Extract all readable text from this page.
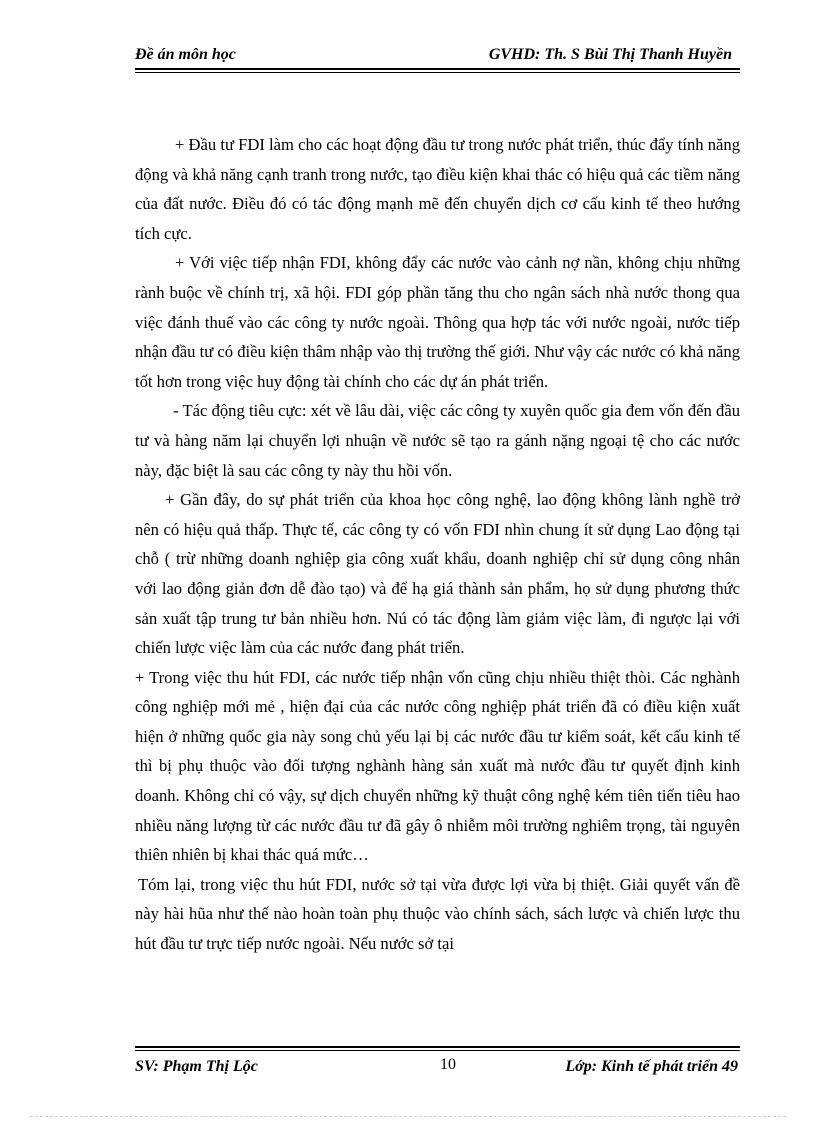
Đề án môn học	GVHD: Th. S Bùi Thị Thanh Huyền

+ Đầu tư FDI làm cho các hoạt động đầu tư trong nước phát triển, thúc đẩy tính năng động và khả năng cạnh tranh trong nước, tạo điều kiện khai thác có hiệu quả các tiềm năng của đất nước. Điều đó có tác động mạnh mẽ đến chuyển dịch cơ cấu kinh tế theo hướng tích cực.

+ Với việc tiếp nhận FDI, không đẩy các nước vào cảnh nợ nần, không chịu những rành buộc về chính trị, xã hội. FDI góp phần tăng thu cho ngân sách nhà nước thong qua việc đánh thuế vào các công ty nước ngoài. Thông qua hợp tác với nước ngoài, nước tiếp nhận đầu tư có điều kiện thâm nhập vào thị trường thế giới. Như vậy các nước có khả năng tốt hơn trong việc huy động tài chính cho các dự án phát triển.

- Tác động tiêu cực: xét về lâu dài, việc các công ty xuyên quốc gia đem vốn đến đầu tư và hàng năm lại chuyển lợi nhuận về nước sẽ tạo ra gánh nặng ngoại tệ cho các nước này, đặc biệt là sau các công ty này thu hồi vốn.

+ Gần đây, do sự phát triển của khoa học công nghệ, lao động không lành nghề trở nên có hiệu quả thấp. Thực tế, các công ty có vốn FDI nhìn chung ít sử dụng Lao động tại chỗ ( trừ những doanh nghiệp gia công xuất khẩu, doanh nghiệp chỉ sử dụng công nhân với lao động giản đơn dễ đào tạo) và để hạ giá thành sản phẩm, họ sử dụng phương thức sản xuất tập trung tư bản nhiều hơn. Nú có tác động làm giảm việc làm, đi ngược lại với chiến lược việc làm của các nước đang phát triển.

+ Trong việc thu hút FDI, các nước tiếp nhận vốn cũng chịu nhiều thiệt thòi. Các nghành công nghiệp mới mẻ , hiện đại của các nước công nghiệp phát triển đã có điều kiện xuất hiện ở những quốc gia này song chủ yếu lại bị các nước đầu tư kiểm soát, kết cấu kinh tế thì bị phụ thuộc vào đối tượng nghành hàng sản xuất mà nước đầu tư quyết định kinh doanh. Không chỉ có vậy, sự dịch chuyển những kỹ thuật công nghệ kém tiên tiến tiêu hao nhiều năng lượng từ các nước đầu tư đã gây ô nhiễm môi trường nghiêm trọng, tài nguyên thiên nhiên bị khai thác quá mức…

Tóm lại, trong việc thu hút FDI, nước sở tại vừa được lợi vừa bị thiệt. Giải quyết vấn đề này hài hũa như thế nào hoàn toàn phụ thuộc vào chính sách, sách lược và chiến lược thu hút đầu tư trực tiếp nước ngoài. Nếu nước sở tại

SV: Phạm Thị Lộc	10	Lớp: Kinh tế phát triển 49
